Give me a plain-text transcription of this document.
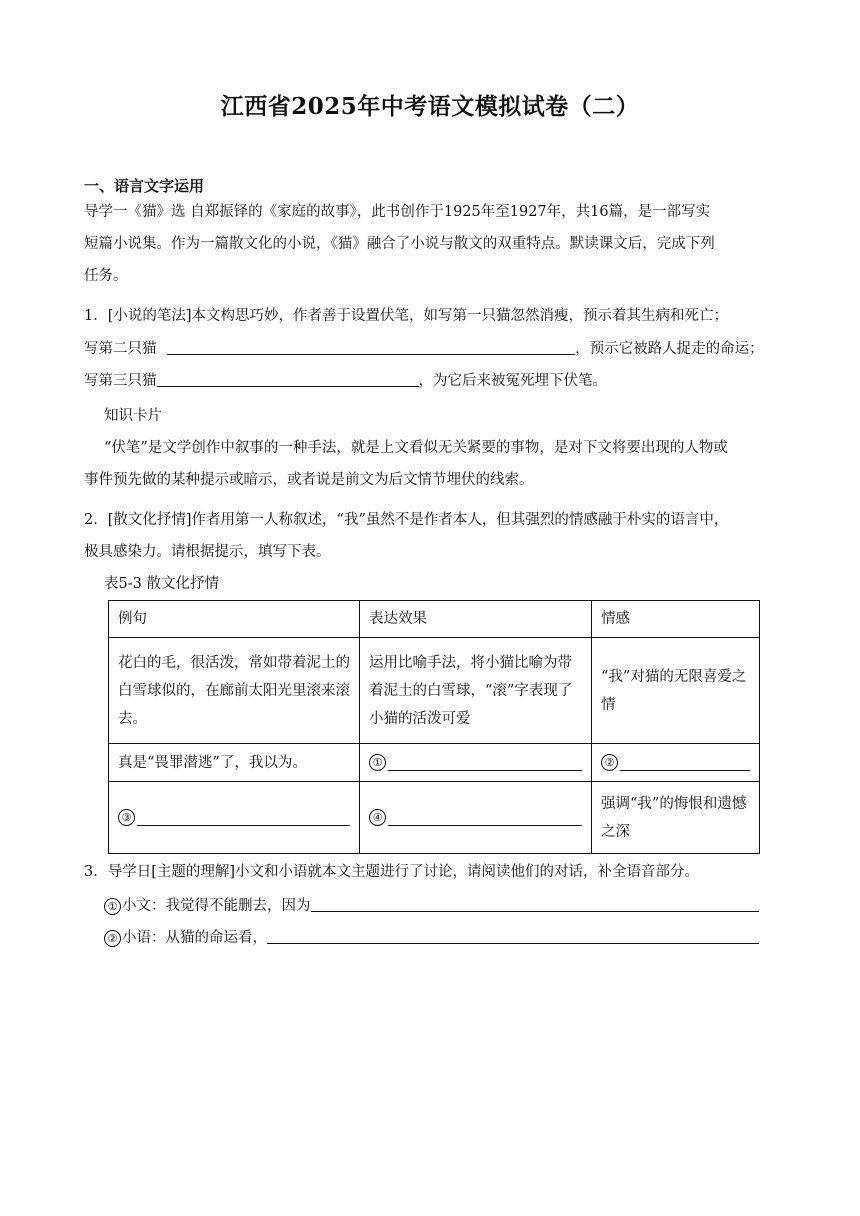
江西省2025年中考语文模拟试卷（二）
一、语言文字运用
导学一《猫》选 自郑振铎的《家庭的故事》，此书创作于1925年至1927年，共16篇，是一部写实
短篇小说集。作为一篇散文化的小说，《猫》融合了小说与散文的双重特点。默读课文后，完成下列
任务。
1．[小说的笔法]本文构思巧妙，作者善于设置伏笔，如写第一只猫忽然消瘦，预示着其生病和死亡；
写第二只猫	，预示它被路人捉走的命运；
写第三只猫	，为它后来被冤死埋下伏笔。
知识卡片
“伏笔”是文学创作中叙事的一种手法，就是上文看似无关紧要的事物，是对下文将要出现的人物或
事件预先做的某种提示或暗示，或者说是前文为后文情节埋伏的线索。
2．[散文化抒情]作者用第一人称叙述，“我”虽然不是作者本人，但其强烈的情感融于朴实的语言中，
极具感染力。请根据提示，填写下表。
表5-3 散文化抒情
例句	表达效果	情感
花白的毛，很活泼，常如带着泥土的白雪球似的，在廊前太阳光里滚来滚去。	运用比喻手法，将小猫比喻为带着泥土的白雪球，“滚”字表现了小猫的活泼可爱	“我”对猫的无限喜爱之情
真是“畏罪潜逃”了，我以为。	①	②

③	④	强调“我”的悔恨和遗憾之深
3．导学日[主题的理解]小文和小语就本文主题进行了讨论，请阅读他们的对话，补全语音部分。
① 小文：我觉得不能删去，因为
② 小语：从猫的命运看，
